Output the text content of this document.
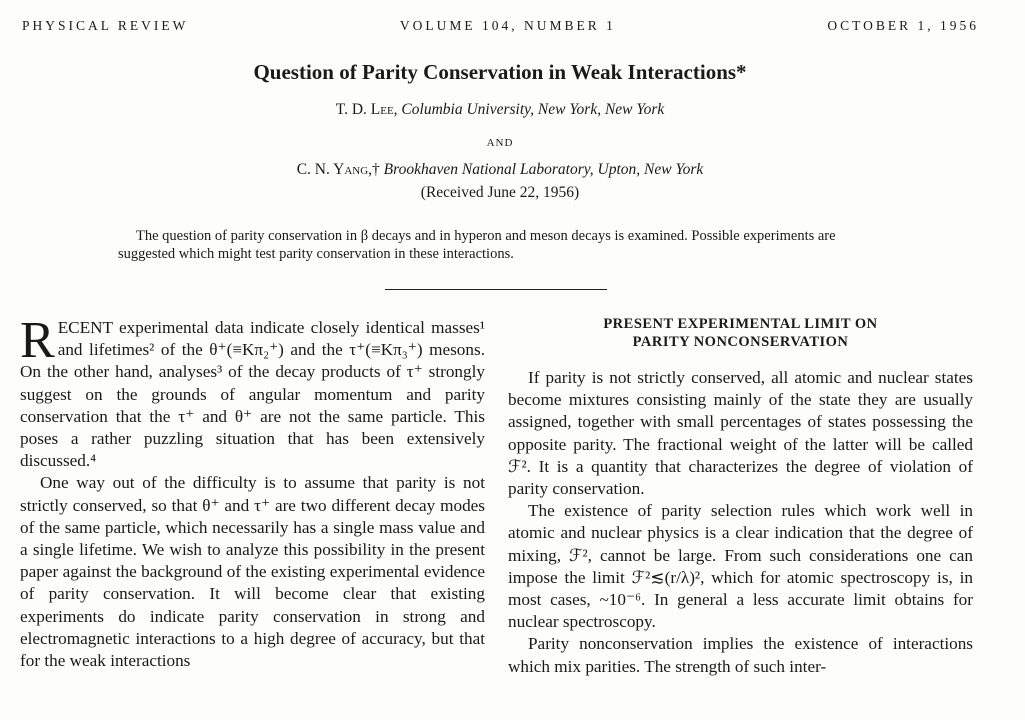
PHYSICAL REVIEW	VOLUME 104, NUMBER 1	OCTOBER 1, 1956
Question of Parity Conservation in Weak Interactions*
T. D. Lee, Columbia University, New York, New York
AND
C. N. Yang,† Brookhaven National Laboratory, Upton, New York
(Received June 22, 1956)

The question of parity conservation in β decays and in hyperon and meson decays is examined. Possible experiments are suggested which might test parity conservation in these interactions.

RECENT experimental data indicate closely identical masses¹ and lifetimes² of the θ⁺(≡Kπ₂⁺) and the τ⁺(≡Kπ₃⁺) mesons. On the other hand, analyses³ of the decay products of τ⁺ strongly suggest on the grounds of angular momentum and parity conservation that the τ⁺ and θ⁺ are not the same particle. This poses a rather puzzling situation that has been extensively discussed.⁴

One way out of the difficulty is to assume that parity is not strictly conserved, so that θ⁺ and τ⁺ are two different decay modes of the same particle, which necessarily has a single mass value and a single lifetime. We wish to analyze this possibility in the present paper against the background of the existing experimental evidence of parity conservation. It will become clear that existing experiments do indicate parity conservation in strong and electromagnetic interactions to a high degree of accuracy, but that for the weak interactions

PRESENT EXPERIMENTAL LIMIT ON
PARITY NONCONSERVATION

If parity is not strictly conserved, all atomic and nuclear states become mixtures consisting mainly of the state they are usually assigned, together with small percentages of states possessing the opposite parity. The fractional weight of the latter will be called ℱ². It is a quantity that characterizes the degree of violation of parity conservation.

The existence of parity selection rules which work well in atomic and nuclear physics is a clear indication that the degree of mixing, ℱ², cannot be large. From such considerations one can impose the limit ℱ²≲(r/λ)², which for atomic spectroscopy is, in most cases, ~10⁻⁶. In general a less accurate limit obtains for nuclear spectroscopy.

Parity nonconservation implies the existence of interactions which mix parities. The strength of such inter-
